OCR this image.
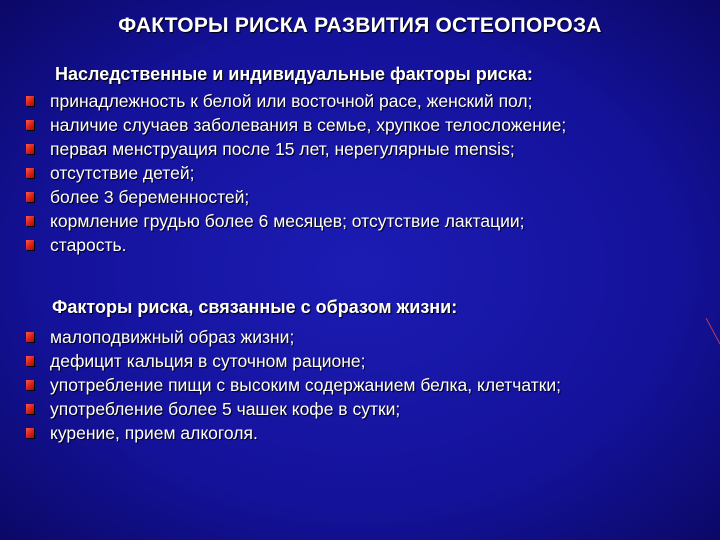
ФАКТОРЫ РИСКА РАЗВИТИЯ ОСТЕОПОРОЗА
Наследственные и индивидуальные факторы риска:
принадлежность к белой или восточной расе, женский пол;
наличие случаев заболевания в семье, хрупкое телосложение;
первая менструация после 15 лет, нерегулярные mensis;
отсутствие детей;
более 3 беременностей;
кормление грудью более 6 месяцев; отсутствие лактации;
старость.
Факторы риска, связанные с образом жизни:
малоподвижный образ жизни;
дефицит кальция в суточном рационе;
употребление пищи с высоким содержанием белка, клетчатки;
употребление более 5 чашек кофе в сутки;
курение, прием алкоголя.
